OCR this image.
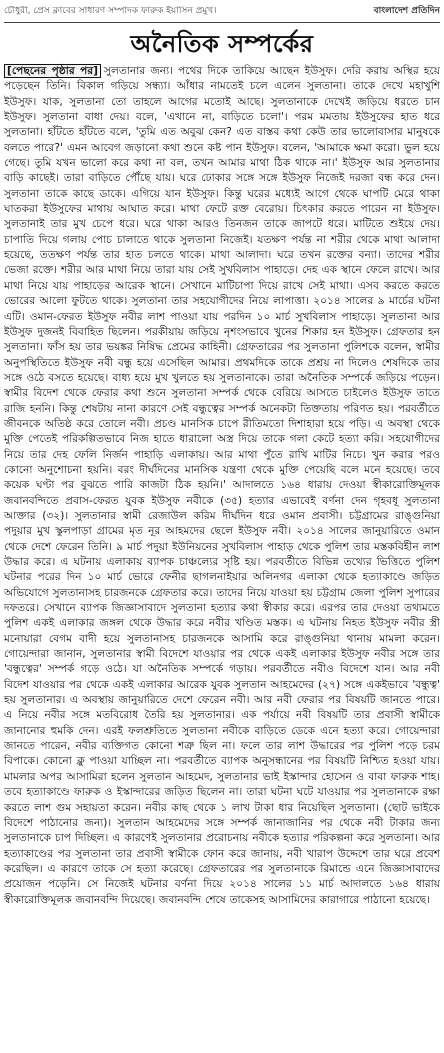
চৌধুরী, প্রেস ক্লাবের সাধারণ সম্পাদক ফারুক ইয়াসিন প্রমুখ।	বাংলাদেশ প্রতিদিন
অনৈতিক সম্পর্কের

[পেছনের পৃষ্ঠার পর] সুলতানার জন্য। পথের দিকে তাকিয়ে আছেন ইউসুফ। দেরি করায় অস্থির হয়ে পড়েছেন তিনি। বিকাল গড়িয়ে সন্ধ্যা। আঁধার নামতেই চলে এলেন সুলতানা। তাকে দেখে মহাখুশি ইউসুফ। যাক, সুলতানা তো তাহলে আগের মতোই আছে। সুলতানাকে দেখেই জড়িয়ে ধরতে চান ইউসুফ। সুলতানা বাধা দেয়। বলে, 'এখানে না, বাড়িতে চলো'। পরম মমতায় ইউসুফের হাত ধরে সুলতানা। হাঁটতে হাঁটতে বলে, 'তুমি এত অবুঝ কেন? এত বাস্তব কথা কেউ তার ভালোবাসার মানুষকে বলতে পারে?' এমন আবেগ জড়ানো কথা শুনে কষ্ট পান ইউসুফ। বলেন, 'আমাকে ক্ষমা করো। ভুল হয়ে গেছে। তুমি যখন ভালো করে কথা না বল, তখন আমার মাথা ঠিক থাকে না।' ইউসুফ আর সুলতানার বাড়ি কাছেই। তারা বাড়িতে পৌঁছে যায়। ঘরে ঢোকার সঙ্গে সঙ্গে ইউসুফ নিজেই দরজা বন্ধ করে দেন। সুলতানা তাকে কাছে ডাকে। এগিয়ে যান ইউসুফ। কিন্তু ঘরের মধ্যেই আগে থেকে ঘাপটি মেরে থাকা ঘাতকরা ইউসুফের মাথায় আঘাত করে। মাথা ফেটে রক্ত বেরোয়। চিৎকার করতে পারেন না ইউসুফ। সুলতানাই তার মুখ চেপে ধরে। ঘরে থাকা আরও তিনজন তাকে জাপটে ধরে। মাটিতে শুইয়ে দেয়। চাপাতি দিয়ে গলায় পোচ চালাতে থাকে সুলতানা নিজেই। যতক্ষণ পর্যন্ত না শরীর থেকে মাথা আলাদা হয়েছে, ততক্ষণ পর্যন্ত তার হাত চলতে থাকে। মাথা আলাদা। ঘরে তখন রক্তের বন্যা। তাদের শরীর ভেজা রক্তে। শরীর আর মাথা নিয়ে তারা যায় সেই সুখবিলাস পাহাড়ে। দেহ এক স্থানে ফেলে রাখে। আর মাথা নিয়ে যায় পাহাড়ের আরেক স্থানে। সেখানে মাটিচাপা দিয়ে রাখে সেই মাথা। এসব করতে করতে ভোরের আলো ফুটতে থাকে। সুলতানা তার সহযোগীদের নিয়ে লাপাত্তা। ২০১৪ সালের ৯ মার্চের ঘটনা এটি। ওমান-ফেরত ইউসুফ নবীর লাশ পাওয়া যায় পরদিন ১০ মার্চ সুখবিলাস পাহাড়ে। সুলতানা আর ইউসুফ দুজনই বিবাহিত ছিলেন। পরকীয়ায় জড়িয়ে নৃশংসভাবে খুনের শিকার হন ইউসুফ। গ্রেফতার হন সুলতানা। ফাঁস হয় তার ভয়ঙ্কর নিষিদ্ধ প্রেমের কাহিনী। গ্রেফতারের পর সুলতানা পুলিশকে বলেন, স্বামীর অনুপস্থিতিতে ইউসুফ নবী বন্ধু হয়ে এসেছিল আমার। প্রথমদিকে তাকে প্রশ্রয় না দিলেও শেষদিকে তার সঙ্গে ওঠে বসতে হয়েছে। বাধ্য হয়ে মুখ খুলতে হয় সুলতানাকে। তারা অনৈতিক সম্পর্কে জড়িয়ে পড়েন। স্বামীর বিদেশ থেকে ফেরার কথা শুনে সুলতানা সম্পর্ক থেকে বেরিয়ে আসতে চাইলেও ইউসুফ তাতে রাজি হননি। কিন্তু শেষটায় নানা কারণে সেই বন্ধুত্বের সম্পর্ক অনেকটা তিক্ততায় পরিণত হয়। পরবর্তীতে জীবনকে অতিষ্ঠ করে তোলে নবী। প্রচণ্ড মানসিক চাপে রীতিমতো দিশাহারা হয়ে পড়ি। এ অবস্থা থেকে মুক্তি পেতেই পরিকল্পিতভাবে নিজ হাতে ধারালো অস্ত্র দিয়ে তাকে গলা কেটে হত্যা করি। সহযোগীদের নিয়ে তার দেহ ফেলি নির্জন পাহাড়ি এলাকায়। আর মাথা পুঁতে রাখি মাটির নিচে। খুন করার পরও কোনো অনুশোচনা হয়নি। বরং দীর্ঘদিনের মানসিক যন্ত্রণা থেকে মুক্তি পেয়েছি বলে মনে হয়েছে। তবে কয়েক ঘণ্টা পর বুঝতে পারি কাজটা ঠিক হয়নি।' আদালতে ১৬৪ ধারায় দেওয়া স্বীকারোক্তিমূলক জবানবন্দিতে প্রবাস-ফেরত যুবক ইউসুফ নবীকে (৩৫) হত্যার এভাবেই বর্ণনা দেন গৃহবধূ সুলতানা আক্তার (৩২)। সুলতানার স্বামী রেজাউল করিম দীর্ঘদিন ধরে ওমান প্রবাসী। চট্টগ্রামের রাঙ্গুনিয়া পদুয়ার মুখ স্কুলপাড়া গ্রামের মৃত নূর আহমদের ছেলে ইউসুফ নবী। ২০১৪ সালের জানুয়ারিতে ওমান থেকে দেশে ফেরেন তিনি। ৯ মার্চ পদুয়া ইউনিয়নের সুখবিলাস পাহাড় থেকে পুলিশ তার মস্তকবিহীন লাশ উদ্ধার করে। এ ঘটনায় এলাকায় ব্যাপক চাঞ্চল্যের সৃষ্টি হয়। পরবর্তীতে বিভিন্ন তথ্যের ভিত্তিতে পুলিশ ঘটনার পরের দিন ১০ মার্চ ভোরে ফেনীর ছাগলনাইয়ার অলিনগর এলাকা থেকে হত্যাকাণ্ডে জড়িত অভিযোগে সুলতানাসহ চারজনকে গ্রেফতার করে। তাদের নিয়ে যাওয়া হয় চট্টগ্রাম জেলা পুলিশ সুপারের দফতরে। সেখানে ব্যাপক জিজ্ঞাসাবাদে সুলতানা হত্যার কথা স্বীকার করে। এরপর তার দেওয়া তথ্যমতে পুলিশ একই এলাকার জঙ্গল থেকে উদ্ধার করে নবীর খণ্ডিত মস্তক। এ ঘটনায় নিহত ইউসুফ নবীর স্ত্রী মনোয়ারা বেগম বাদী হয়ে সুলতানাসহ চারজনকে আসামি করে রাঙ্গুনিয়া থানায় মামলা করেন। গোয়েন্দারা জানান, সুলতানার স্বামী বিদেশে যাওয়ার পর থেকে একই এলাকার ইউসুফ নবীর সঙ্গে তার 'বন্ধুত্বের' সম্পর্ক গড়ে ওঠে। যা অনৈতিক সম্পর্কে গড়ায়। পরবর্তীতে নবীও বিদেশে যান। আর নবী বিদেশ যাওয়ার পর থেকে একই এলাকার আরেক যুবক সুলতান আহমেদের (২৭) সঙ্গে একইভাবে 'বন্ধুত্ব' হয় সুলতানার। এ অবস্থায় জানুয়ারিতে দেশে ফেরেন নবী। আর নবী ফেরার পর বিষয়টি জানতে পারে। এ নিয়ে নবীর সঙ্গে মতবিরোধ তৈরি হয় সুলতানার। এক পর্যায়ে নবী বিষয়টি তার প্রবাসী স্বামীকে জানানোর হুমকি দেন। এরই ফলশ্রুতিতে সুলতানা নবীকে বাড়িতে ডেকে এনে হত্যা করে। গোয়েন্দারা জানতে পারেন, নবীর ব্যক্তিগত কোনো শত্রু ছিল না। ফলে তার লাশ উদ্ধারের পর পুলিশ পড়ে চরম বিপাকে। কোনো ক্লু পাওয়া যাচ্ছিল না। পরবর্তীতে ব্যাপক অনুসন্ধানের পর বিষয়টি নিশ্চিত হওয়া যায়। মামলার অপর আসামিরা হলেন সুলতান আহমেদ, সুলতানার ভাই ইস্কান্দার হোসেন ও বাবা ফারুক শাহ। তবে হত্যাকাণ্ডে ফারুক ও ইস্কান্দারের জড়িত ছিলেন না। তারা ঘটনা ঘটে যাওয়ার পর সুলতানাকে রক্ষা করতে লাশ গুম সহায়তা করেন। নবীর কাছ থেকে ১ লাখ টাকা ধার নিয়েছিল সুলতানা। (ছোট ভাইকে বিদেশে পাঠানোর জন্য)। সুলতান আহমেদের সঙ্গে সম্পর্ক জানাজানির পর থেকে নবী টাকার জন্য সুলতানাকে চাপ দিচ্ছিল। এ কারণেই সুলতানার প্ররোচনায় নবীকে হত্যার পরিকল্পনা করে সুলতানা। আর হত্যাকাণ্ডের পর সুলতানা তার প্রবাসী স্বামীকে ফোন করে জানায়, নবী খারাপ উদ্দেশে তার ঘরে প্রবেশ করেছিল। এ কারণে তাকে সে হত্যা করেছে। গ্রেফতারের পর সুলতানাকে রিমান্ডে এনে জিজ্ঞাসাবাদের প্রয়োজন পড়েনি। সে নিজেই ঘটনার বর্ণনা দিয়ে ২০১৪ সালের ১১ মার্চ আদালতে ১৬৪ ধারায় স্বীকারোক্তিমূলক জবানবন্দি দিয়েছে। জবানবন্দি শেষে তাকেসহ আসামিদের কারাগারে পাঠানো হয়েছে।
